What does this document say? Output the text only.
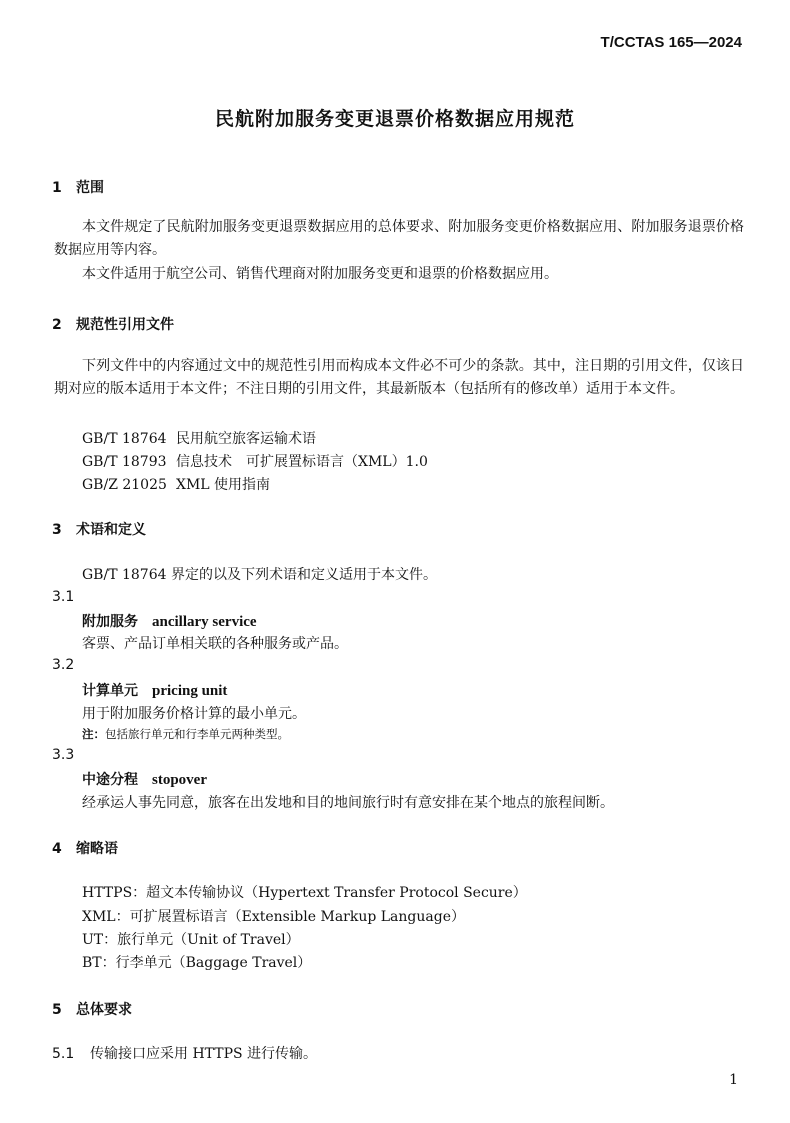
T/CCTAS 165—2024
民航附加服务变更退票价格数据应用规范
1 范围
本文件规定了民航附加服务变更退票数据应用的总体要求、附加服务变更价格数据应用、附加服务退票价格数据应用等内容。
本文件适用于航空公司、销售代理商对附加服务变更和退票的价格数据应用。
2 规范性引用文件
下列文件中的内容通过文中的规范性引用而构成本文件必不可少的条款。其中，注日期的引用文件，仅该日期对应的版本适用于本文件；不注日期的引用文件，其最新版本（包括所有的修改单）适用于本文件。
GB/T 18764 民用航空旅客运输术语
GB/T 18793 信息技术　可扩展置标语言（XML）1.0
GB/Z 21025 XML 使用指南
3 术语和定义
GB/T 18764 界定的以及下列术语和定义适用于本文件。
3.1
附加服务 ancillary service
客票、产品订单相关联的各种服务或产品。
3.2
计算单元 pricing unit
用于附加服务价格计算的最小单元。
注：包括旅行单元和行李单元两种类型。
3.3
中途分程 stopover
经承运人事先同意，旅客在出发地和目的地间旅行时有意安排在某个地点的旅程间断。
4 缩略语
HTTPS：超文本传输协议（Hypertext Transfer Protocol Secure）
XML：可扩展置标语言（Extensible Markup Language）
UT：旅行单元（Unit of Travel）
BT：行李单元（Baggage Travel）
5 总体要求
5.1 传输接口应采用 HTTPS 进行传输。
1
